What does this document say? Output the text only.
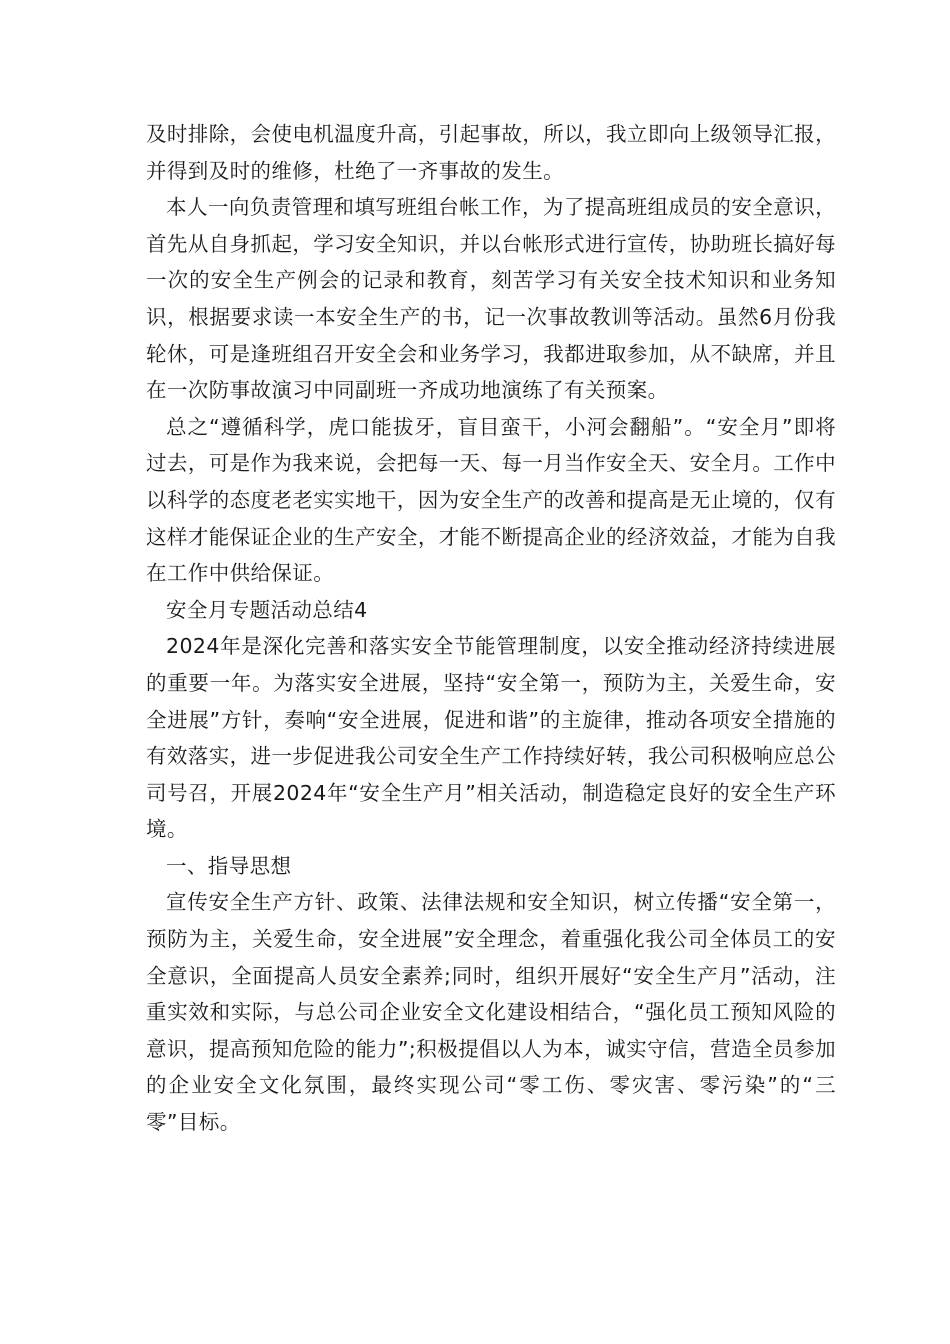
及时排除，会使电机温度升高，引起事故，所以，我立即向上级领导汇报，并得到及时的维修，杜绝了一齐事故的发生。

本人一向负责管理和填写班组台帐工作，为了提高班组成员的安全意识，首先从自身抓起，学习安全知识，并以台帐形式进行宣传，协助班长搞好每一次的安全生产例会的记录和教育，刻苦学习有关安全技术知识和业务知识，根据要求读一本安全生产的书，记一次事故教训等活动。虽然6月份我轮休，可是逢班组召开安全会和业务学习，我都进取参加，从不缺席，并且在一次防事故演习中同副班一齐成功地演练了有关预案。

总之“遵循科学，虎口能拔牙，盲目蛮干，小河会翻船”。“安全月”即将过去，可是作为我来说，会把每一天、每一月当作安全天、安全月。工作中以科学的态度老老实实地干，因为安全生产的改善和提高是无止境的，仅有这样才能保证企业的生产安全，才能不断提高企业的经济效益，才能为自我在工作中供给保证。

安全月专题活动总结4

2024年是深化完善和落实安全节能管理制度，以安全推动经济持续进展的重要一年。为落实安全进展，坚持“安全第一，预防为主，关爱生命，安全进展”方针，奏响“安全进展，促进和谐”的主旋律，推动各项安全措施的有效落实，进一步促进我公司安全生产工作持续好转，我公司积极响应总公司号召，开展2024年“安全生产月”相关活动，制造稳定良好的安全生产环境。

一、指导思想

宣传安全生产方针、政策、法律法规和安全知识，树立传播“安全第一，预防为主，关爱生命，安全进展”安全理念，着重强化我公司全体员工的安全意识，全面提高人员安全素养;同时，组织开展好“安全生产月”活动，注重实效和实际，与总公司企业安全文化建设相结合，“强化员工预知风险的意识，提高预知危险的能力”;积极提倡以人为本，诚实守信，营造全员参加的企业安全文化氛围，最终实现公司“零工伤、零灾害、零污染”的“三零”目标。
